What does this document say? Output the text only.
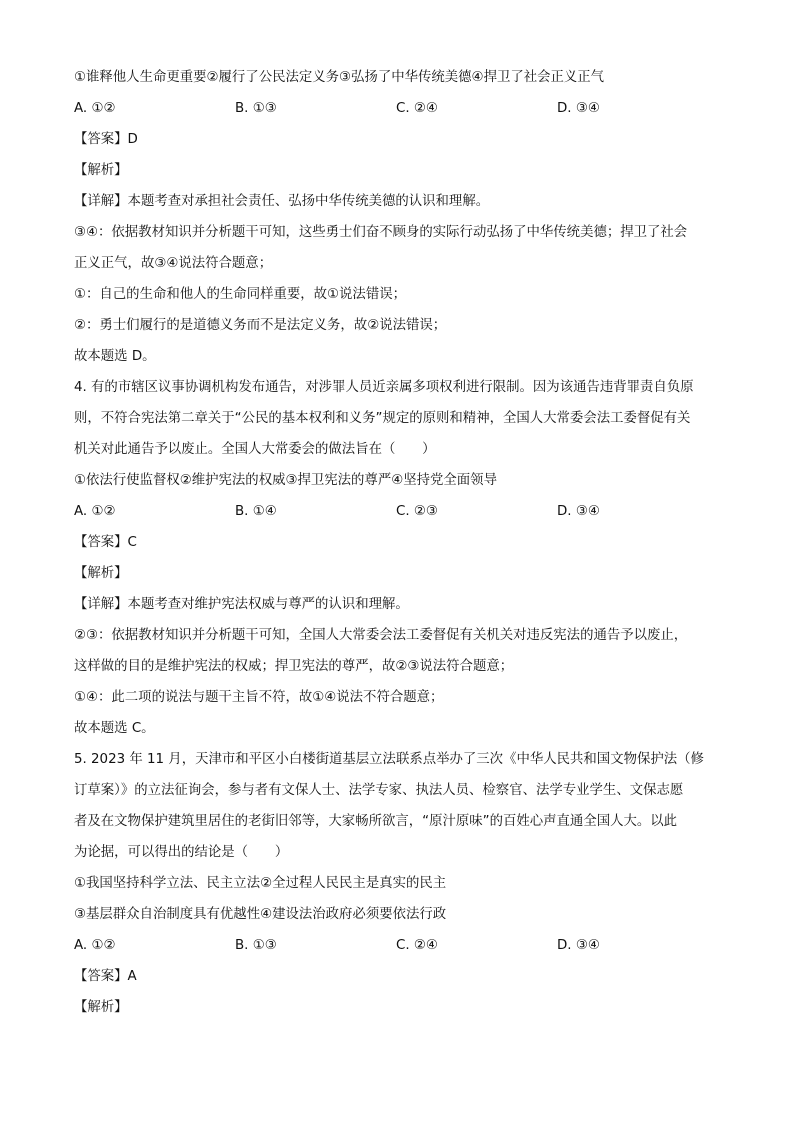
①谁释他人生命更重要②履行了公民法定义务③弘扬了中华传统美德④捍卫了社会正义正气
A. ①②	B. ①③	C. ②④	D. ③④
【答案】D
【解析】
【详解】本题考查对承担社会责任、弘扬中华传统美德的认识和理解。
③④：依据教材知识并分析题干可知，这些勇士们奋不顾身的实际行动弘扬了中华传统美德；捍卫了社会
正义正气，故③④说法符合题意；
①：自己的生命和他人的生命同样重要，故①说法错误；
②：勇士们履行的是道德义务而不是法定义务，故②说法错误；
故本题选 D。
4. 有的市辖区议事协调机构发布通告，对涉罪人员近亲属多项权利进行限制。因为该通告违背罪责自负原
则，不符合宪法第二章关于“公民的基本权利和义务”规定的原则和精神，全国人大常委会法工委督促有关
机关对此通告予以废止。全国人大常委会的做法旨在（　　）
①依法行使监督权②维护宪法的权威③捍卫宪法的尊严④坚持党全面领导
A. ①②	B. ①④	C. ②③	D. ③④
【答案】C
【解析】
【详解】本题考查对维护宪法权威与尊严的认识和理解。
②③：依据教材知识并分析题干可知，全国人大常委会法工委督促有关机关对违反宪法的通告予以废止，
这样做的目的是维护宪法的权威；捍卫宪法的尊严，故②③说法符合题意；
①④：此二项的说法与题干主旨不符，故①④说法不符合题意；
故本题选 C。
5. 2023 年 11 月，天津市和平区小白楼街道基层立法联系点举办了三次《中华人民共和国文物保护法（修
订草案）》的立法征询会，参与者有文保人士、法学专家、执法人员、检察官、法学专业学生、文保志愿
者及在文物保护建筑里居住的老街旧邻等，大家畅所欲言，“原汁原味”的百姓心声直通全国人大。以此
为论据，可以得出的结论是（　　）
①我国坚持科学立法、民主立法②全过程人民民主是真实的民主
③基层群众自治制度具有优越性④建设法治政府必须要依法行政
A. ①②	B. ①③	C. ②④	D. ③④
【答案】A
【解析】
